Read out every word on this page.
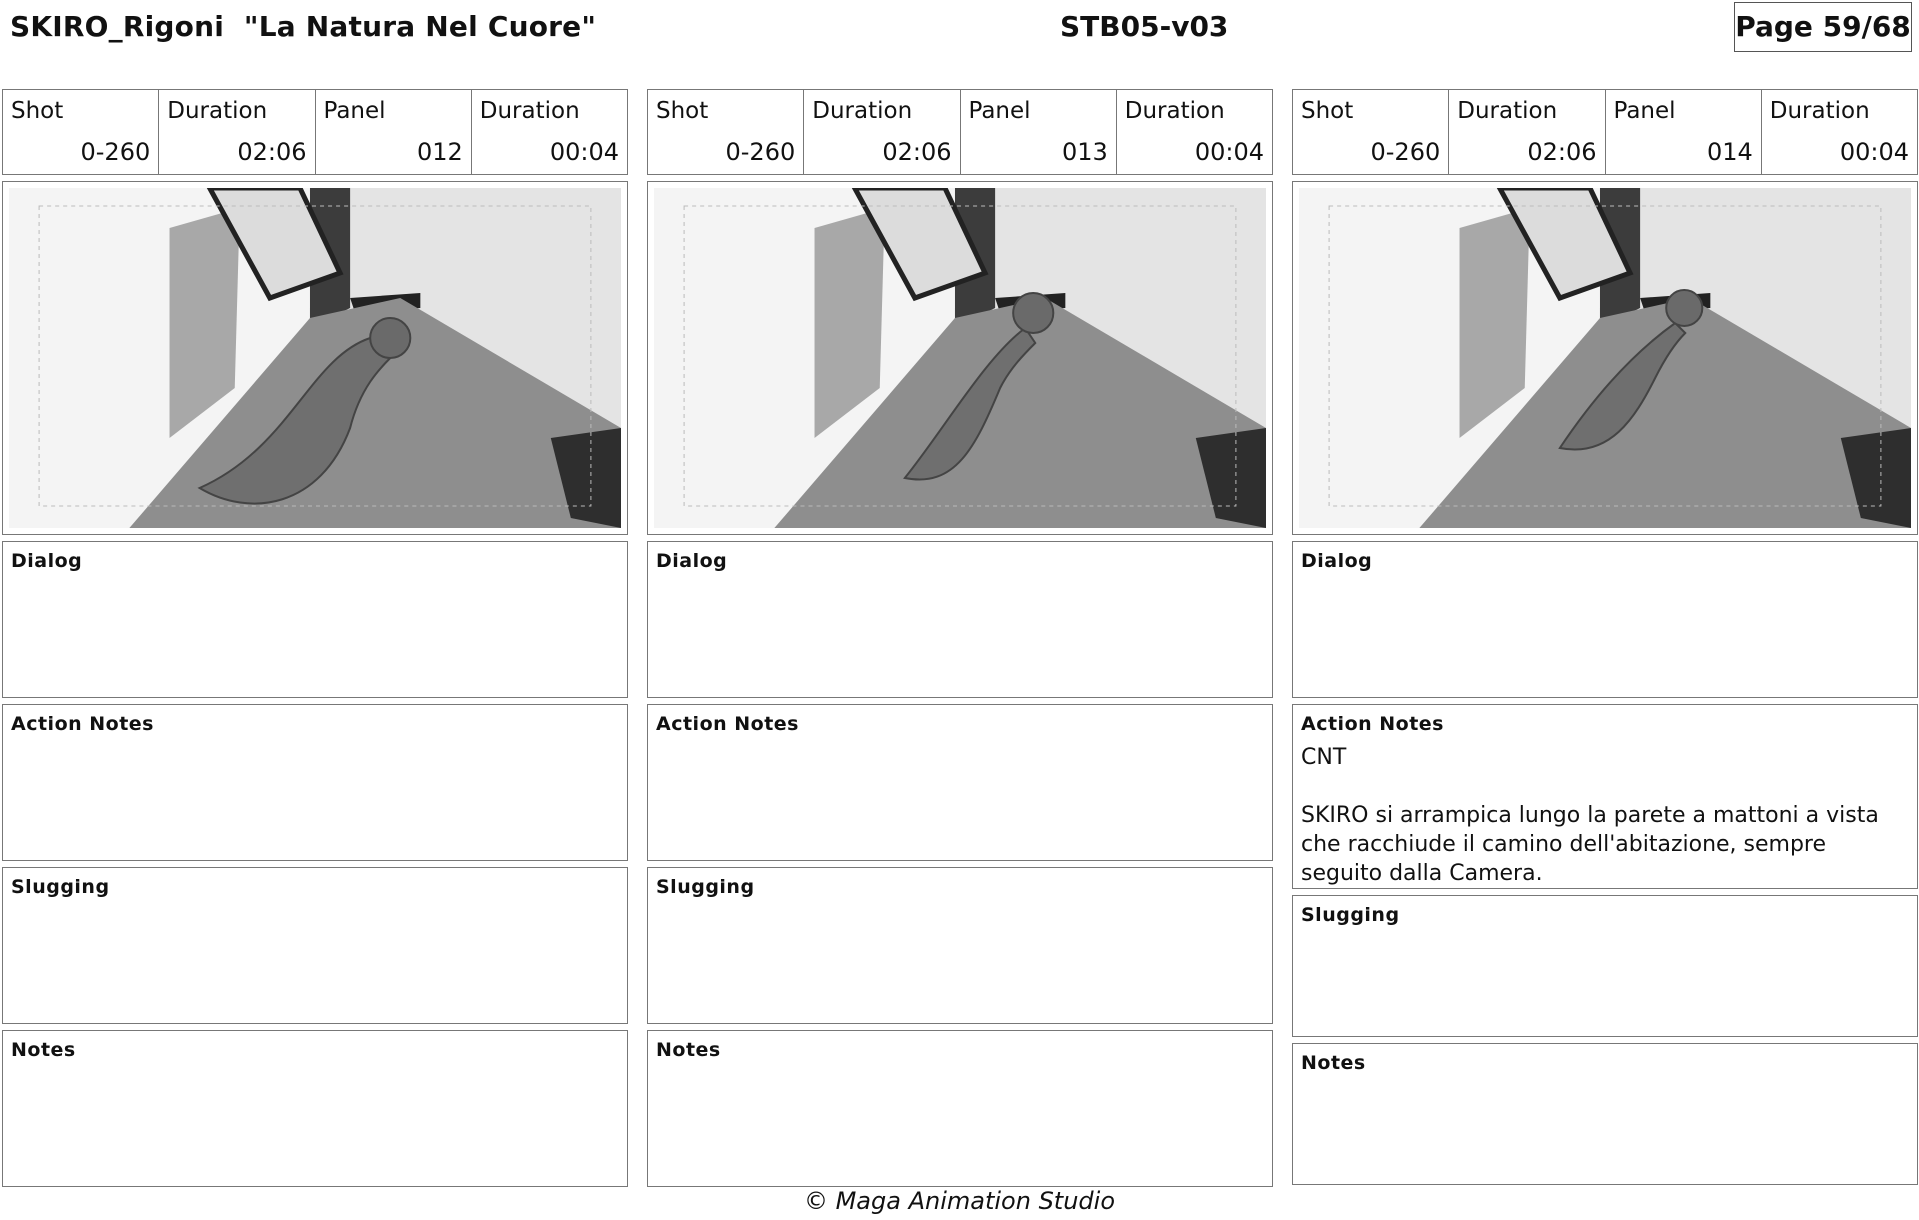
SKIRO_Rigoni  "La Natura Nel Cuore"	STB05-v03	Page 59/68
Shot
0-260
Duration
02:06
Panel
012
Duration
00:04
Dialog
Action Notes
Slugging
Notes
Shot
0-260
Duration
02:06
Panel
013
Duration
00:04
Dialog
Action Notes
Slugging
Notes
Shot
0-260
Duration
02:06
Panel
014
Duration
00:04
Dialog
Action Notes
CNT

SKIRO si arrampica lungo la parete a mattoni a vista che racchiude il camino dell'abitazione, sempre seguito dalla Camera.
Slugging
Notes
© Maga Animation Studio
